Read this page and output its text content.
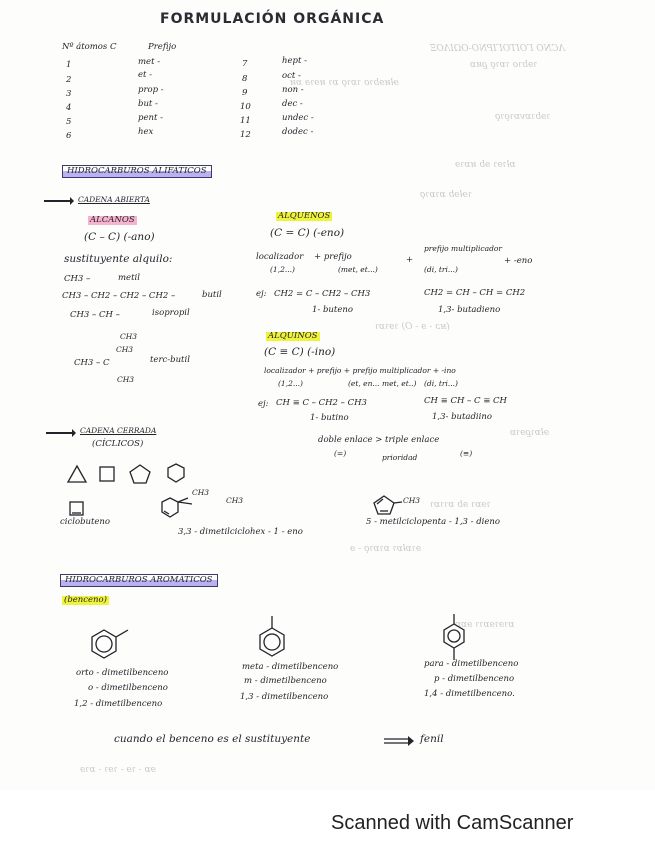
ΛCNO ΓΟΙΤΟΓΙΡΝΟ-ΟΩΙΛΟΞ
ɿɘbɿo ɿɒɿǫ ϱᴎɒ
ɘƚᴎɘbɿo ɿɒɿǫ ɒɿ ᴎɘɿɘ ɒᴎ
ɿɘbɿɒvɒɿǫɿǫ
ɒƚɿɘɿ ɘb ᴎɒɿɘ
ɿɘƚɘb ɒɿɒɿǫ
(ʜɔ - ɘ - O) ɿɘɿɒɿ
ɘƚɒɿϱɘɿɒ
ɿɘɒɿ ɘb ɒɿɿɒɿ
ɘɿɒƚɒɿ ɒɿɒɿǫ - ɘ
ɒɿɘɿɘɒɿɿ ɘɒɒ
ɘɒ - ɿɘ - ɿɘɿ - ɒɿɘ
FORMULACIÓN ORGÁNICA
Nº átomos C	Prefijo
1	met -
2	et -
3	prop -
4	but -
5	pent -
6	hex
7	hept -
8	oct -
9	non -
10	dec -
11	undec -
12	dodec -
HIDROCARBUROS ALIFÁTICOS
CADENA ABIERTA
ALCANOS
(C – C) (-ano)
sustituyente alquilo:
CH3 –	metil
CH3 – CH2 – CH2 – CH2 –	butil
CH3 – CH –
CH3
isopropil
CH3
CH3 – C
CH3
terc-butil
ALQUENOS
(C = C) (-eno)
localizador
(1,2...)
+ prefijo
(met, et...)
+
prefijo multiplicador
(di, tri...)
+ -eno
ej: CH2 = C – CH2 – CH3
1- buteno
CH2 = CH – CH = CH2
1,3- butadieno
ALQUINOS
(C ≡ C) (-ino)
localizador + prefijo + prefijo multiplicador + -ino
(1,2...)	(et, en... met, et..) (di, tri...)
ej: CH ≡ C – CH2 – CH3
1- butino
CH ≡ CH – C ≡ CH
1,3- butadiino
doble enlace > triple enlace
(=)	prioridad	(≡)
CADENA CERRADA
(CÍCLICOS)
ciclobuteno
CH3
CH3
3,3 - dimetilciclohex - 1 - eno
CH3
5 - metilciclopenta - 1,3 - dieno
HIDROCARBUROS AROMÁTICOS
(benceno)
orto - dimetilbenceno
o - dimetilbenceno
1,2 - dimetilbenceno
meta - dimetilbenceno
m - dimetilbenceno
1,3 - dimetilbenceno
para - dimetilbenceno
p - dimetilbenceno
1,4 - dimetilbenceno.
cuando el benceno es el sustituyente	fenil
Scanned with CamScanner
